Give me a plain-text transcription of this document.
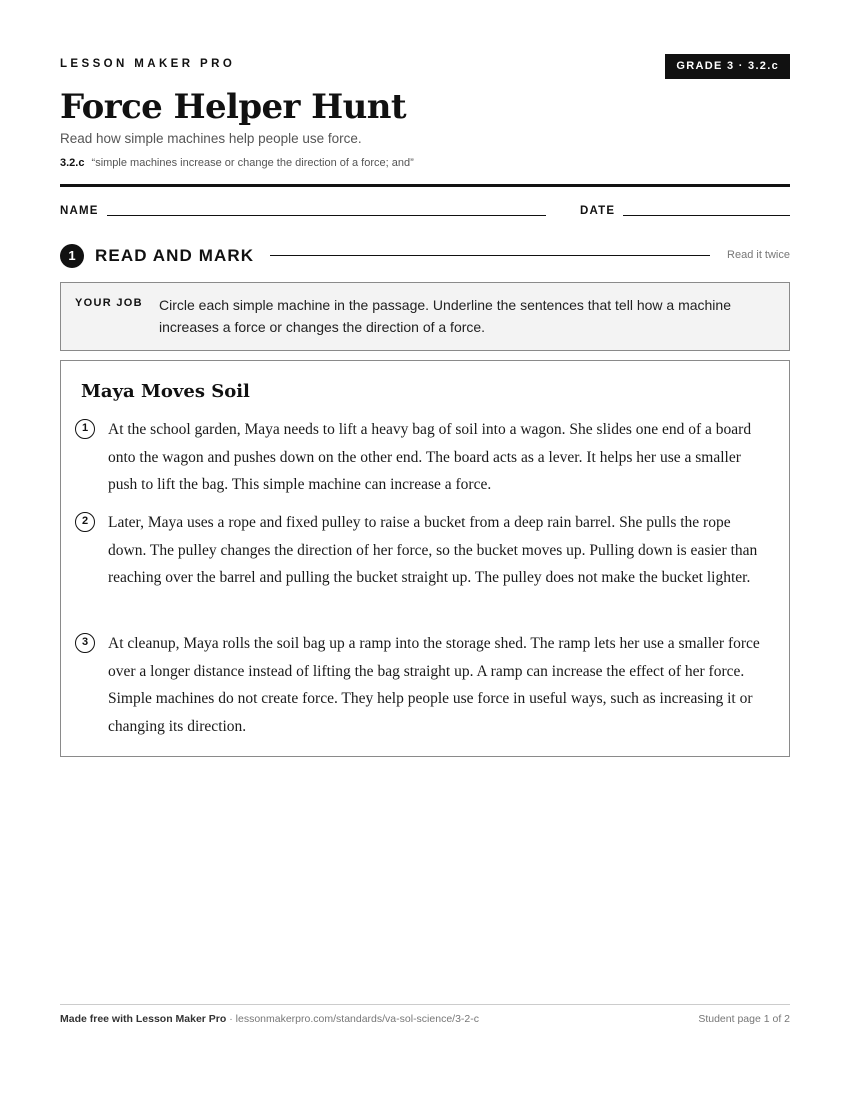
LESSON MAKER PRO	GRADE 3 · 3.2.c
Force Helper Hunt
Read how simple machines help people use force.
3.2.c “simple machines increase or change the direction of a force; and”
NAME	DATE
1	READ AND MARK	Read it twice
YOUR JOB Circle each simple machine in the passage. Underline the sentences that tell how a machine increases a force or changes the direction of a force.
Maya Moves Soil
1	At the school garden, Maya needs to lift a heavy bag of soil into a wagon. She slides one end of a board onto the wagon and pushes down on the other end. The board acts as a lever. It helps her use a smaller push to lift the bag. This simple machine can increase a force.

2	Later, Maya uses a rope and fixed pulley to raise a bucket from a deep rain barrel. She pulls the rope down. The pulley changes the direction of her force, so the bucket moves up. Pulling down is easier than reaching over the barrel and pulling the bucket straight up. The pulley does not make the bucket lighter.

3	At cleanup, Maya rolls the soil bag up a ramp into the storage shed. The ramp lets her use a smaller force over a longer distance instead of lifting the bag straight up. A ramp can increase the effect of her force. Simple machines do not create force. They help people use force in useful ways, such as increasing it or changing its direction.

Made free with Lesson Maker Pro · lessonmakerpro.com/standards/va-sol-science/3-2-c	Student page 1 of 2
